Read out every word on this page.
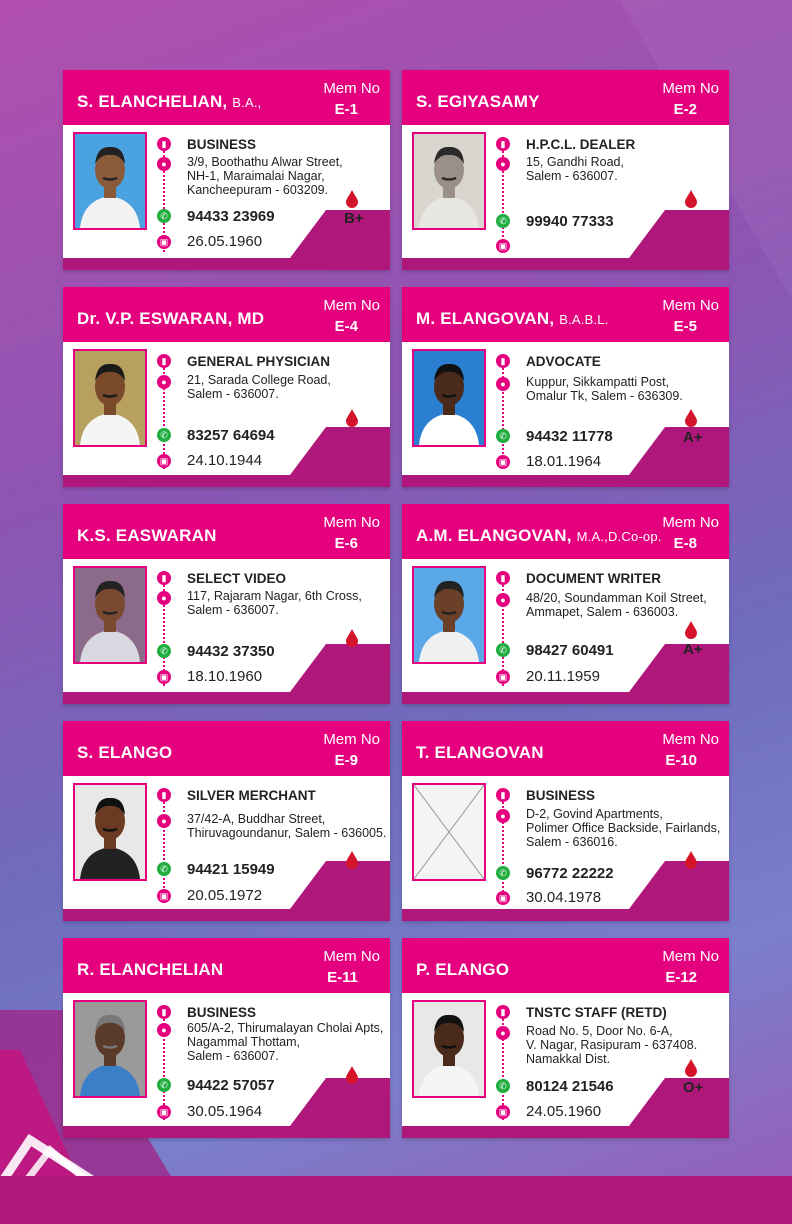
S. ELANCHELIAN, B.A.,
Mem No
E-1
▮
●
✆
▣
BUSINESS
3/9, Boothathu Alwar Street,
NH-1, Maraimalai Nagar,
Kancheepuram - 603209.
94433 23969
26.05.1960
B+
S. EGIYASAMY
Mem No
E-2
▮
●
✆
▣
H.P.C.L. DEALER
15, Gandhi Road,
Salem - 636007.
99940 77333
Dr. V.P. ESWARAN, MD
Mem No
E-4
▮
●
✆
▣
GENERAL PHYSICIAN
21, Sarada College Road,
Salem - 636007.
83257 64694
24.10.1944
M. ELANGOVAN, B.A.B.L.
Mem No
E-5
▮
●
✆
▣
ADVOCATE
Kuppur, Sikkampatti Post,
Omalur Tk, Salem - 636309.
94432 11778
18.01.1964
A+
K.S. EASWARAN
Mem No
E-6
▮
●
✆
▣
SELECT VIDEO
117, Rajaram Nagar, 6th Cross,
Salem - 636007.
94432 37350
18.10.1960
A.M. ELANGOVAN, M.A.,D.Co-op.
Mem No
E-8
▮
●
✆
▣
DOCUMENT WRITER
48/20, Soundamman Koil Street,
Ammapet, Salem - 636003.
98427 60491
20.11.1959
A+
S. ELANGO
Mem No
E-9
▮
●
✆
▣
SILVER MERCHANT
37/42-A, Buddhar Street,
Thiruvagoundanur, Salem - 636005.
94421 15949
20.05.1972
T. ELANGOVAN
Mem No
E-10
▮
●
✆
▣
BUSINESS
D-2, Govind Apartments,
Polimer Office Backside, Fairlands,
Salem - 636016.
96772 22222
30.04.1978
R. ELANCHELIAN
Mem No
E-11
▮
●
✆
▣
BUSINESS
605/A-2, Thirumalayan Cholai Apts,
Nagammal Thottam,
Salem - 636007.
94422 57057
30.05.1964
P. ELANGO
Mem No
E-12
▮
●
✆
▣
TNSTC STAFF (RETD)
Road No. 5, Door No. 6-A,
V. Nagar, Rasipuram - 637408.
Namakkal Dist.
80124 21546
24.05.1960
O+
